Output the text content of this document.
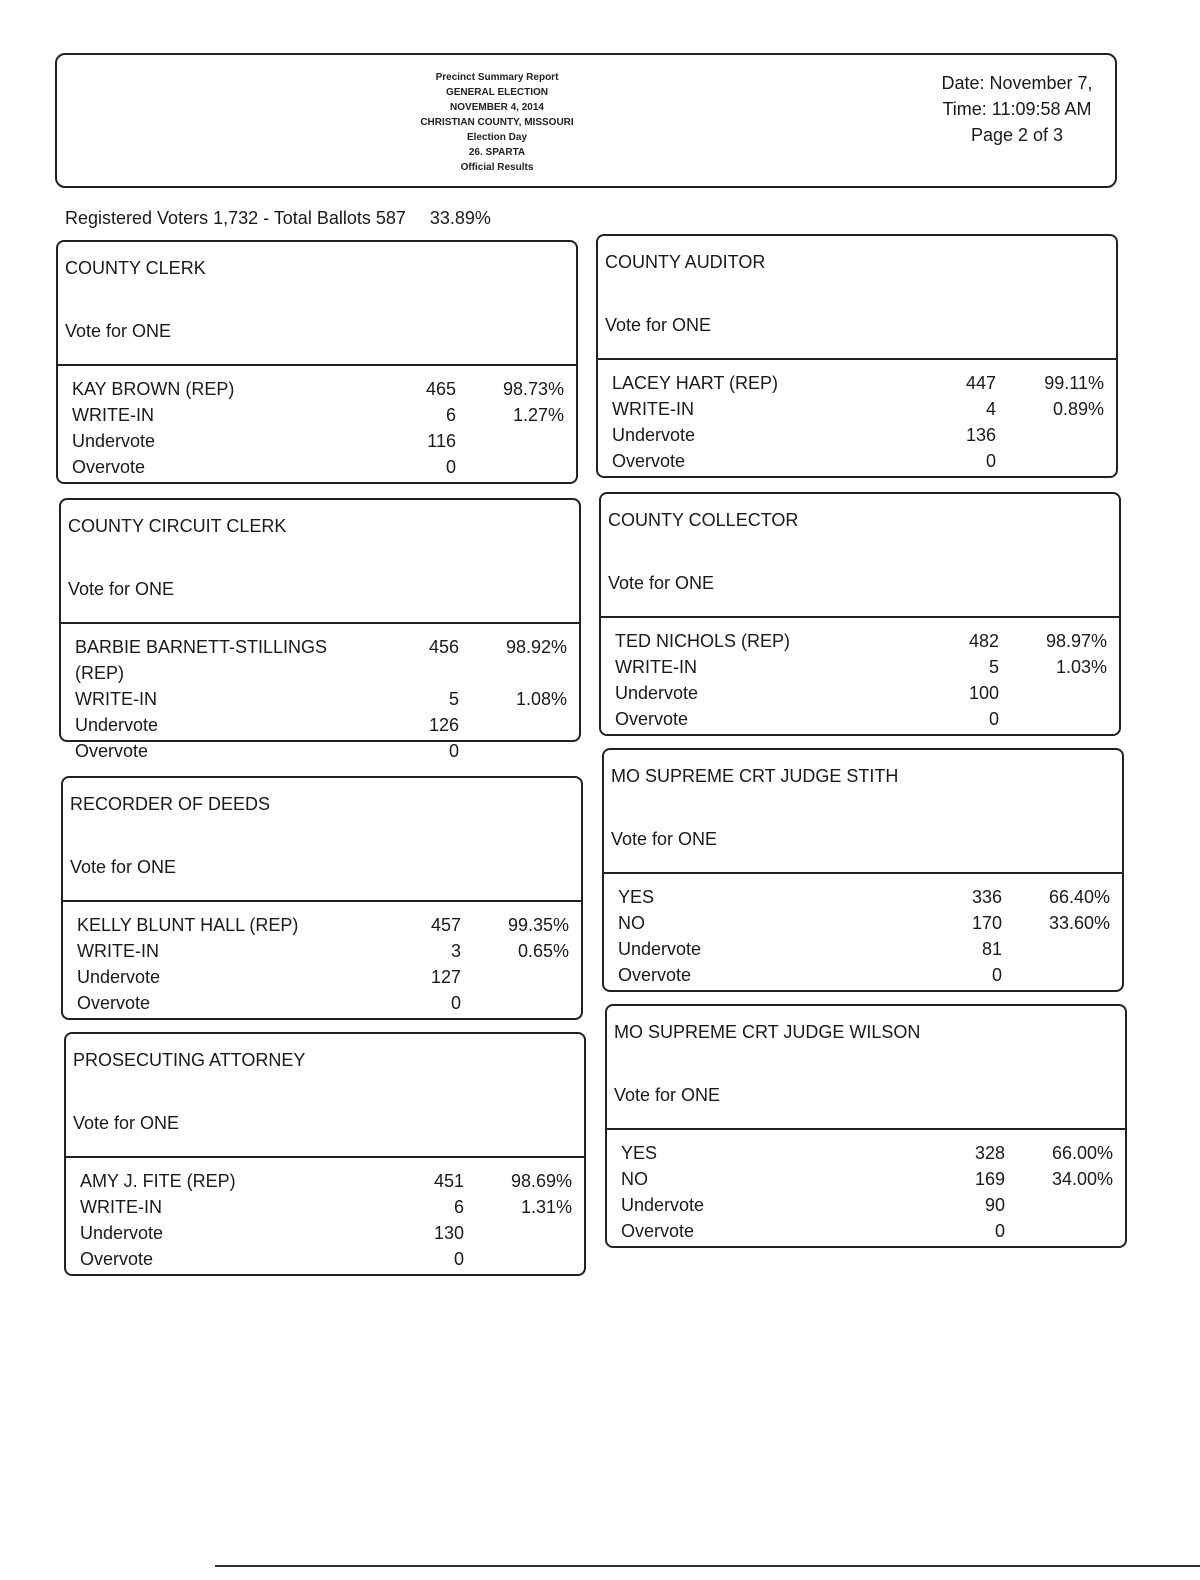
Precinct Summary Report
GENERAL ELECTION
NOVEMBER 4, 2014
CHRISTIAN COUNTY, MISSOURI
Election Day
26. SPARTA
Official Results
Date: November 7,
Time: 11:09:58 AM
Page 2 of 3
Registered Voters 1,732 - Total Ballots 587 33.89%
COUNTY CLERK
Vote for ONE
KAY BROWN (REP)	465	98.73%
WRITE-IN	6	1.27%
Undervote	116
Overvote	0
COUNTY AUDITOR
Vote for ONE
LACEY HART (REP)	447	99.11%
WRITE-IN	4	0.89%
Undervote	136
Overvote	0
COUNTY CIRCUIT CLERK
Vote for ONE
BARBIE BARNETT-STILLINGS (REP)
456	98.92%
WRITE-IN	5	1.08%
Undervote	126
Overvote	0
COUNTY COLLECTOR
Vote for ONE
TED NICHOLS (REP)	482	98.97%
WRITE-IN	5	1.03%
Undervote	100
Overvote	0
RECORDER OF DEEDS
Vote for ONE
KELLY BLUNT HALL (REP)	457	99.35%
WRITE-IN	3	0.65%
Undervote	127
Overvote	0
MO SUPREME CRT JUDGE STITH
Vote for ONE
YES	336	66.40%
NO	170	33.60%
Undervote	81
Overvote	0
PROSECUTING ATTORNEY
Vote for ONE
AMY J. FITE (REP)	451	98.69%
WRITE-IN	6	1.31%
Undervote	130
Overvote	0
MO SUPREME CRT JUDGE WILSON
Vote for ONE
YES	328	66.00%
NO	169	34.00%
Undervote	90
Overvote	0
